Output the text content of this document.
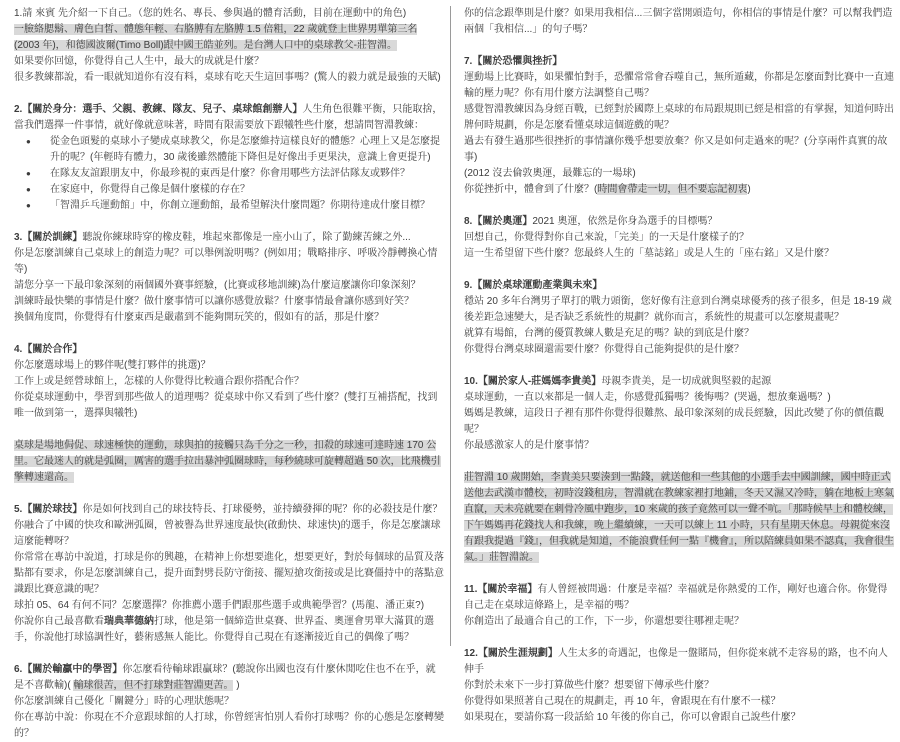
1.請 來賓 先介紹一下自己。（您的姓名、專長、參與過的體育活動，目前在運動中的角色)

一臉絡腮鬍、膚色白皙、體態年輕、右胳膊有左胳膊 1.5 倍粗，22 歲就登上世界男單第三名 (2003 年)，和德國波爾(Timo Boll)跟中國王皓並列。是台灣人口中的桌球教父-莊智淵。

如果要你回憶，你覺得自己人生中，最大的成就是什麼？

很多教練都說，看一眼就知道你有沒有料，桌球有吃天生這回事嗎？(驚人的毅力就是最強的天賦)

2.【關於身分：選手、父親、教練、隊友、兒子、桌球館創辦人】人生角色很難平衡，只能取捨，當我們選擇一件事情，就好像就意味著，時間有限需要放下跟犧牲些什麼，想請問智淵教練：

●	從金色頭髮的桌球小子變成桌球教父，你是怎麼維持這樣良好的體態？心理上又是怎麼提升的呢？(年輕時有體力，30 歲後雖然體能下降但是好像出手更果決，意識上會更提升)

●	在隊友友誼跟朋友中，你最珍視的東西是什麼？你會用哪些方法評估隊友或夥伴？

●	在家庭中，你覺得自己像是個什麼樣的存在？

●	「智淵乒乓運動館」中，你創立運動館，最希望解決什麼問題？你期待達成什麼目標？

3.【關於訓練】聽說你練球時穿的橡皮鞋，堆起來都像是一座小山了，除了勤練苦練之外...

你是怎麼訓練自己桌球上的創造力呢？可以舉例說明嗎？(例如用；戰略排序、呼吸冷靜轉換心情等)

請您分享一下最印象深刻的兩個國外賽事經驗，(比賽或移地訓練)為什麼這麼讓你印象深刻？

訓練時最快樂的事情是什麼？做什麼事情可以讓你感覺放鬆？什麼事情最會讓你感到好笑？

換個角度問，你覺得有什麼東西是嚴肅到不能夠開玩笑的，假如有的話，那是什麼？

4.【關於合作】

你怎麼選球場上的夥伴呢(雙打夥伴的挑選)？

工作上或是經營球館上，怎樣的人你覺得比較適合跟你搭配合作？

你從桌球運動中，學習到那些做人的道理嗎？從桌球中你又看到了些什麼？(雙打互補搭配，找到唯一做到第一，選擇與犧牲)

桌球是場地侷促、球速極快的運動，球與拍的接觸只為千分之一秒，扣殺的球速可達時速 170 公里。它最迷人的就是弧圈，厲害的選手拉出暴沖弧圈球時，每秒繞球可旋轉超過 50 次，比飛機引擎轉速還高。

5.【關於球技】你是如何找到自己的球技特長、打球優勢，並持續發揮的呢？你的必殺技是什麼？

你融合了中國的快攻和歐洲弧圈，曾被譽為世界速度最快(啟動快、球速快)的選手，你是怎麼讓球這麼能轉呀？

你常常在專訪中說道，打球是你的興趣，在精神上你想要進化，想要更好，對於每個球的品質及落點都有要求，你是怎麼訓練自己，提升面對劈長防守銜接、擺短搶攻銜接或是比賽僵持中的落點意識跟比賽意識的呢？

球拍 05、64 有何不同？怎麼選擇？你推薦小選手們跟那些選手或典範學習？(馬龍、潘正東?)

你說你自己最喜歡看瑞典華德納打球，他是第一個締造世桌賽、世界盃、奧運會男單大滿貫的選手，你說他打球協調性好，藝術感無人能比。你覺得自己現在有逐漸接近自己的偶像了嗎？

6.【關於輸贏中的學習】你怎麼看待輸球跟贏球？(聽說你出國也沒有什麼休閒吃住也不在乎，就是不喜歡輸)( 輸球很苦，但不打球對莊智淵更苦。 )

你怎麼訓練自己優化「關鍵分」時的心理狀態呢？

你在專訪中說：你現在不介意跟球館的人打球，你曾經害怕別人看你打球嗎？你的心態是怎麼轉變的？

你的信念跟準則是什麼？如果用我相信...三個字當開頭造句，你相信的事情是什麼？可以幫我們造兩個「我相信...」的句子嗎？

7.【關於恐懼與挫折】

運動場上比賽時，如果懼怕對手，恐懼常常會吞噬自己，無所遁藏，你都是怎麼面對比賽中一直連輸的壓力呢？你有用什麼方法調整自己嗎？

感覺智淵教練因為身經百戰，已經對於國際上桌球的布局跟規則已經是相當的有掌握，知道何時出牌何時規劃，你是怎麼看懂桌球這個遊戲的呢？

過去有發生過那些很挫折的事情讓你幾乎想要放棄？你又是如何走過來的呢？(分享兩件真實的故事)

(2012 沒去倫敦奧運，最難忘的一場球)

你從挫折中，體會到了什麼？(時間會帶走一切，但不要忘記初衷)

8.【關於奧運】2021 奧運，依然是你身為選手的目標嗎？

回想自己，你覺得對你自己來說，「完美」的一天是什麼樣子的？

這一生希望留下些什麼？您最終人生的「墓誌銘」或是人生的「座右銘」又是什麼？

9.【關於桌球運動產業與未來】

穩站 20 多年台灣男子單打的戰力頭銜，您好像有注意到台灣桌球優秀的孩子很多，但是 18-19 歲後差距急速變大，是否缺乏系統性的規劃？就你而言，系統性的規畫可以怎麼規畫呢？

就算有場館，台灣的優質教練人數是充足的嗎？缺的到底是什麼？

你覺得台灣桌球圈還需要什麼？你覺得自己能夠提供的是什麼？

10.【關於家人-莊媽媽李貴美】母親李貴美，是一切成就與堅毅的起源

桌球運動，一直以來都是一個人走，你感覺孤獨嗎？後悔嗎？(哭過，想放棄過嗎？)

媽媽是教練，這段日子裡有那件你覺得很難熬、最印象深刻的成長經驗，因此改變了你的價值觀呢？

你最感激家人的是什麼事情？

莊智淵 10 歲開始，李貴美只要湊到一點錢，就送他和一些其他的小選手去中國訓練，國中時正式送他去武漢市體校，初時沒錢租房，智淵就在教練家裡打地鋪，冬天又濕又冷時，躺在地板上寒氣直竄，天未亮就要在刺骨冷風中跑步，10 來歲的孩子竟然可以一聲不吭。「那時候早上和體校練，下午媽媽再花錢找人和我練，晚上繼續練，一天可以練上 11 小時，只有星期天休息。母親從來沒有跟我提過『錢』，但我就是知道，不能浪費任何一點『機會』，所以陪練員如果不認真，我會很生氣。」莊智淵說。

11.【關於幸福】有人曾經被問過：什麼是幸福？幸福就是你熱愛的工作，剛好也適合你。你覺得自己走在桌球這條路上，是幸福的嗎？

你創造出了最適合自己的工作，下一步，你還想要往哪裡走呢？

12.【關於生涯規劃】人生太多的奇遇記，也像是一盤賭局，但你從來就不走容易的路，也不向人伸手

你對於未來下一步打算做些什麼？想要留下傳承些什麼？

你覺得如果照著自己現在的規劃走，再 10 年，會跟現在有什麼不一樣？

如果現在，要請你寫一段話給 10 年後的你自己，你可以會跟自己說些什麼？
